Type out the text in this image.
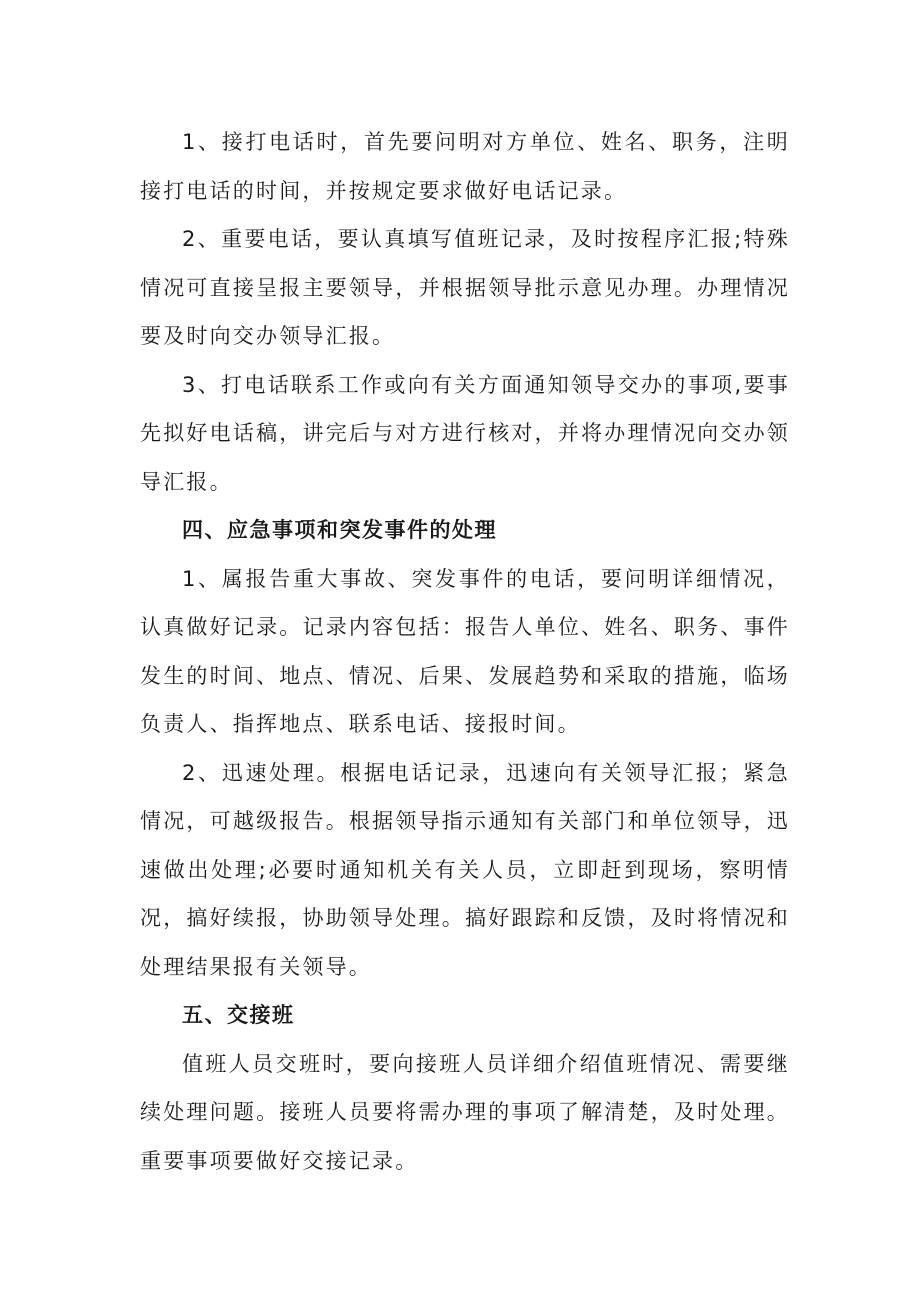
1、接打电话时，首先要问明对方单位、姓名、职务，注明接打电话的时间，并按规定要求做好电话记录。

2、重要电话，要认真填写值班记录，及时按程序汇报;特殊情况可直接呈报主要领导，并根据领导批示意见办理。办理情况要及时向交办领导汇报。

3、打电话联系工作或向有关方面通知领导交办的事项,要事先拟好电话稿，讲完后与对方进行核对，并将办理情况向交办领导汇报。

四、应急事项和突发事件的处理

1、属报告重大事故、突发事件的电话，要问明详细情况，认真做好记录。记录内容包括：报告人单位、姓名、职务、事件发生的时间、地点、情况、后果、发展趋势和采取的措施，临场负责人、指挥地点、联系电话、接报时间。

2、迅速处理。根据电话记录，迅速向有关领导汇报；紧急情况，可越级报告。根据领导指示通知有关部门和单位领导，迅速做出处理;必要时通知机关有关人员，立即赶到现场，察明情况，搞好续报，协助领导处理。搞好跟踪和反馈，及时将情况和处理结果报有关领导。

五、交接班

值班人员交班时，要向接班人员详细介绍值班情况、需要继续处理问题。接班人员要将需办理的事项了解清楚，及时处理。重要事项要做好交接记录。
